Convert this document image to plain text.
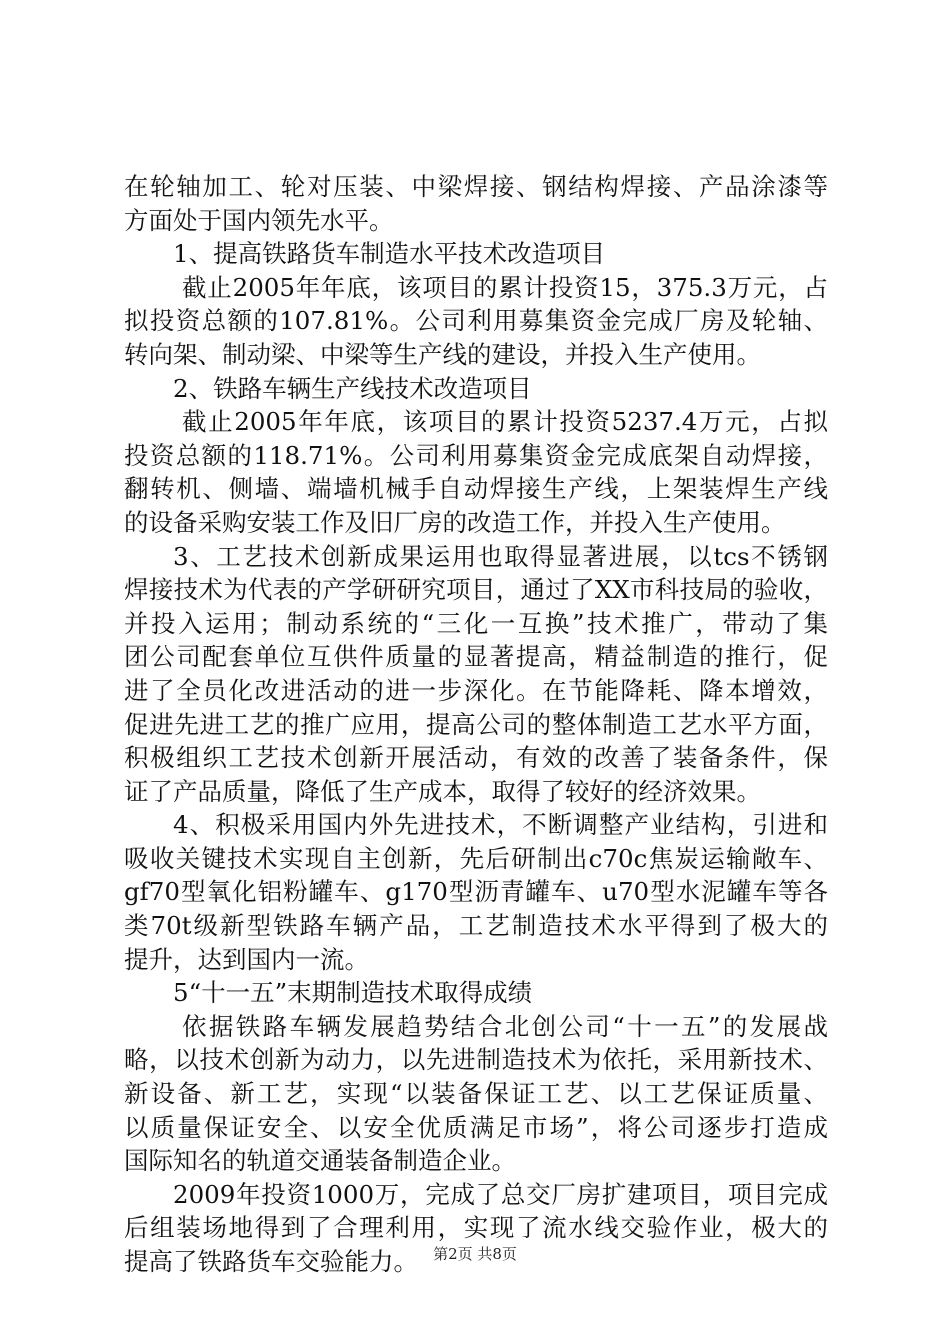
在轮轴加工、轮对压装、中梁焊接、钢结构焊接、产品涂漆等
方面处于国内领先水平。
1、提高铁路货车制造水平技术改造项目
截止2005年年底，该项目的累计投资15，375.3万元，占
拟投资总额的107.81%。公司利用募集资金完成厂房及轮轴、
转向架、制动梁、中梁等生产线的建设，并投入生产使用。
2、铁路车辆生产线技术改造项目
截止2005年年底，该项目的累计投资5237.4万元，占拟
投资总额的118.71%。公司利用募集资金完成底架自动焊接，
翻转机、侧墙、端墙机械手自动焊接生产线，上架装焊生产线
的设备采购安装工作及旧厂房的改造工作，并投入生产使用。
3、工艺技术创新成果运用也取得显著进展，以tcs不锈钢
焊接技术为代表的产学研研究项目，通过了XX市科技局的验收，
并投入运用；制动系统的“三化一互换”技术推广，带动了集
团公司配套单位互供件质量的显著提高，精益制造的推行，促
进了全员化改进活动的进一步深化。在节能降耗、降本增效，
促进先进工艺的推广应用，提高公司的整体制造工艺水平方面，
积极组织工艺技术创新开展活动，有效的改善了装备条件，保
证了产品质量，降低了生产成本，取得了较好的经济效果。
4、积极采用国内外先进技术，不断调整产业结构，引进和
吸收关键技术实现自主创新，先后研制出c70c焦炭运输敞车、
gf70型氧化铝粉罐车、g170型沥青罐车、u70型水泥罐车等各
类70t级新型铁路车辆产品，工艺制造技术水平得到了极大的
提升，达到国内一流。
5“十一五”末期制造技术取得成绩
依据铁路车辆发展趋势结合北创公司“十一五”的发展战
略，以技术创新为动力，以先进制造技术为依托，采用新技术、
新设备、新工艺，实现“以装备保证工艺、以工艺保证质量、
以质量保证安全、以安全优质满足市场”，将公司逐步打造成
国际知名的轨道交通装备制造企业。
2009年投资1000万，完成了总交厂房扩建项目，项目完成
后组装场地得到了合理利用，实现了流水线交验作业，极大的
提高了铁路货车交验能力。	第2页 共8页
